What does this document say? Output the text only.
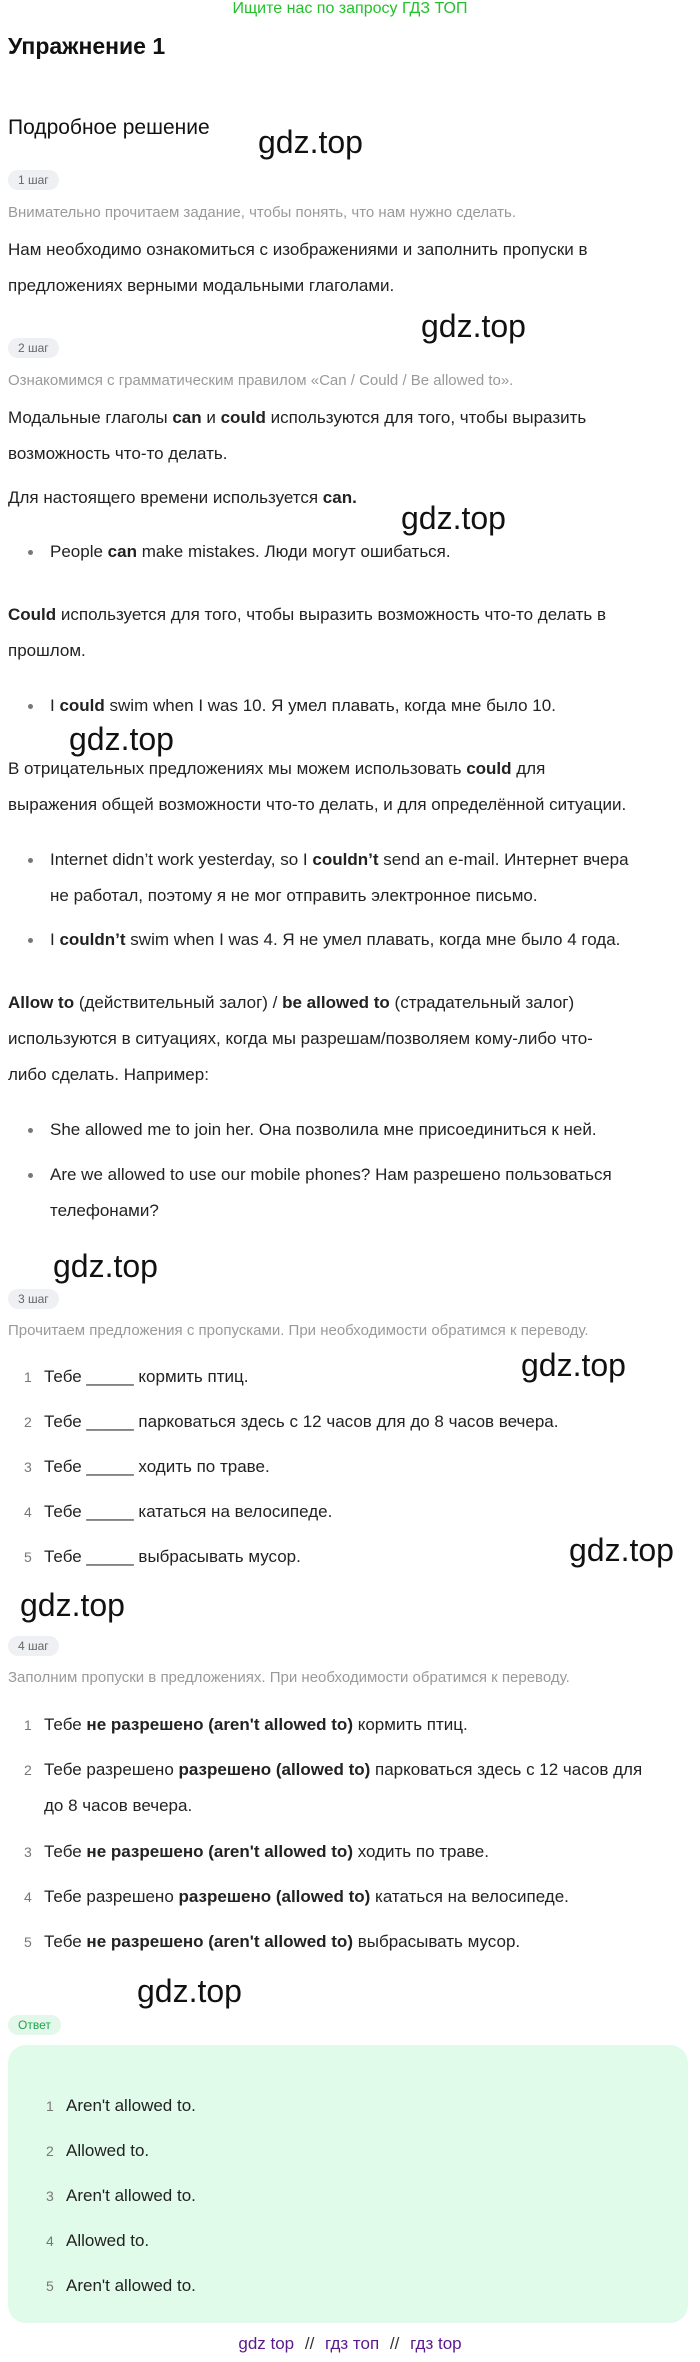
Ищите нас по запросу ГДЗ ТОП
Упражнение 1
Подробное решение gdz.top
gdz.top
gdz.top
gdz.top
gdz.top
gdz.top
gdz.top
gdz.top
gdz.top
1 шаг
Внимательно прочитаем задание, чтобы понять, что нам нужно сделать.
Нам необходимо ознакомиться с изображениями и заполнить пропуски в
предложениях верными модальными глаголами.
2 шаг
Ознакомимся с грамматическим правилом «Can / Could / Be allowed to».
Модальные глаголы can и could используются для того, чтобы выразить
возможность что-то делать.
Для настоящего времени используется can.
People can make mistakes. Люди могут ошибаться.
Could используется для того, чтобы выразить возможность что-то делать в
прошлом.
I could swim when I was 10. Я умел плавать, когда мне было 10.
В отрицательных предложениях мы можем использовать could для
выражения общей возможности что-то делать, и для определённой ситуации.
Internet didn’t work yesterday, so I couldn’t send an e-mail. Интернет вчера
не работал, поэтому я не мог отправить электронное письмо.
I couldn’t swim when I was 4. Я не умел плавать, когда мне было 4 года.
Allow to (действительный залог) / be allowed to (страдательный залог)
используются в ситуациях, когда мы разрешам/позволяем кому-либо что-
либо сделать. Например:
She allowed me to join her. Она позволила мне присоединиться к ней.
Are we allowed to use our mobile phones? Нам разрешено пользоваться
телефонами?
3 шаг
Прочитаем предложения с пропусками. При необходимости обратимся к переводу.
1 Тебе _____ кормить птиц.
2 Тебе _____ парковаться здесь с 12 часов для до 8 часов вечера.
3 Тебе _____ ходить по траве.
4 Тебе _____ кататься на велосипеде.
5 Тебе _____ выбрасывать мусор.
4 шаг
Заполним пропуски в предложениях. При необходимости обратимся к переводу.
1 Тебе не разрешено (aren't allowed to) кормить птиц.
2 Тебе разрешено разрешено (allowed to) парковаться здесь с 12 часов для
до 8 часов вечера.
3 Тебе не разрешено (aren't allowed to) ходить по траве.
4 Тебе разрешено разрешено (allowed to) кататься на велосипеде.
5 Тебе не разрешено (aren't allowed to) выбрасывать мусор.
Ответ
1 Aren't allowed to.
2 Allowed to.
3 Aren't allowed to.
4 Allowed to.
5 Aren't allowed to.
gdz top // гдз топ // гдз top
